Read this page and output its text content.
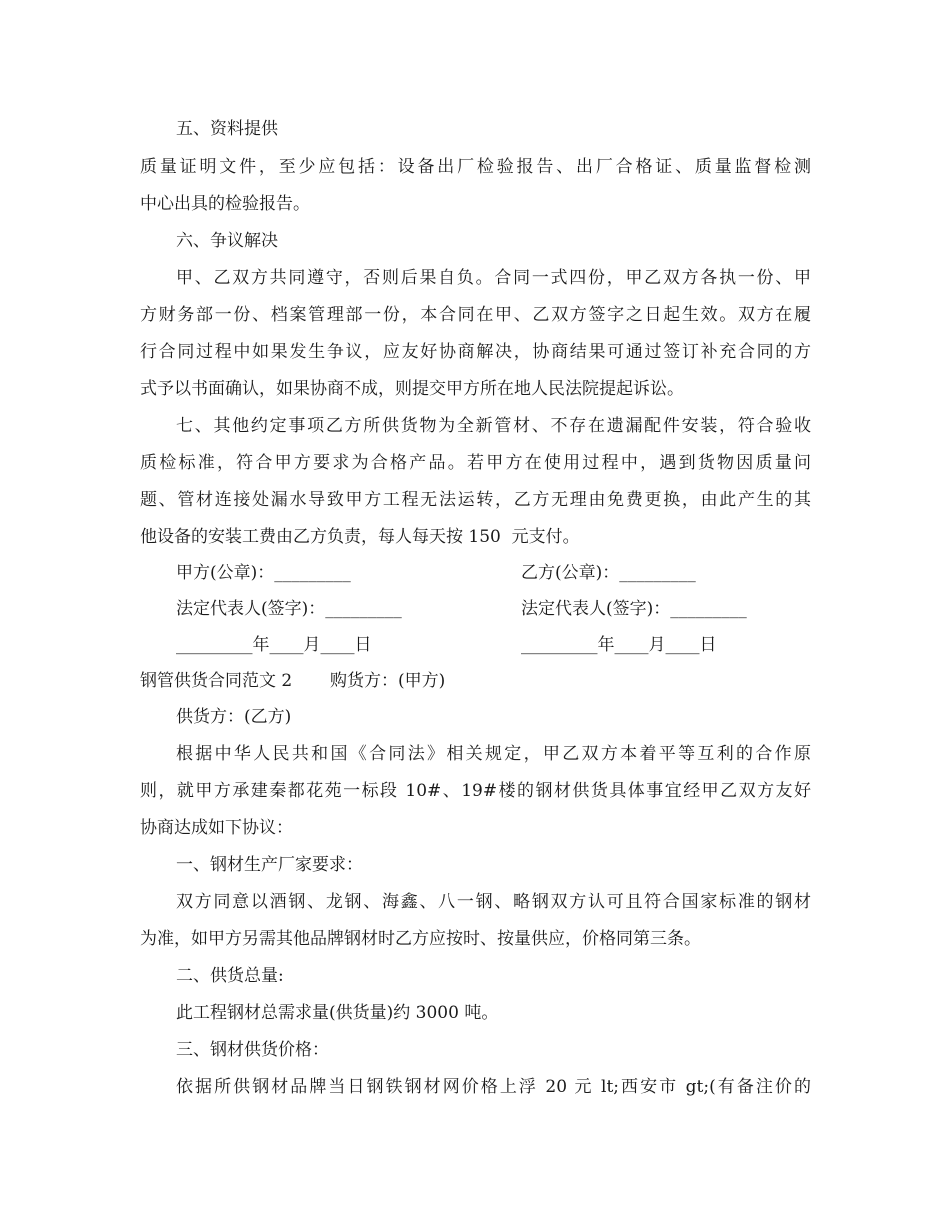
五、资料提供

质量证明文件，至少应包括：设备出厂检验报告、出厂合格证、质量监督检测

中心出具的检验报告。

六、争议解决

甲、乙双方共同遵守，否则后果自负。合同一式四份，甲乙双方各执一份、甲

方财务部一份、档案管理部一份，本合同在甲、乙双方签字之日起生效。双方在履

行合同过程中如果发生争议，应友好协商解决，协商结果可通过签订补充合同的方

式予以书面确认，如果协商不成，则提交甲方所在地人民法院提起诉讼。

七、其他约定事项乙方所供货物为全新管材、不存在遗漏配件安装，符合验收

质检标准，符合甲方要求为合格产品。若甲方在使用过程中，遇到货物因质量问

题、管材连接处漏水导致甲方工程无法运转，乙方无理由免费更换，由此产生的其

他设备的安装工费由乙方负责，每人每天按 150  元支付。

甲方(公章)：_________	乙方(公章)：_________

法定代表人(签字)：_________	法定代表人(签字)：_________

_________年____月____日	_________年____月____日

钢管供货合同范文 2       购货方：(甲方)

供货方：(乙方)

根据中华人民共和国《合同法》相关规定，甲乙双方本着平等互利的合作原

则，就甲方承建秦都花苑一标段 10#、19#楼的钢材供货具体事宜经甲乙双方友好

协商达成如下协议：

一、钢材生产厂家要求：

双方同意以酒钢、龙钢、海鑫、八一钢、略钢双方认可且符合国家标准的钢材

为准，如甲方另需其他品牌钢材时乙方应按时、按量供应，价格同第三条。

二、供货总量:

此工程钢材总需求量(供货量)约 3000 吨。

三、钢材供货价格：

依据所供钢材品牌当日钢铁钢材网价格上浮 20 元 lt;西安市 gt;(有备注价的
